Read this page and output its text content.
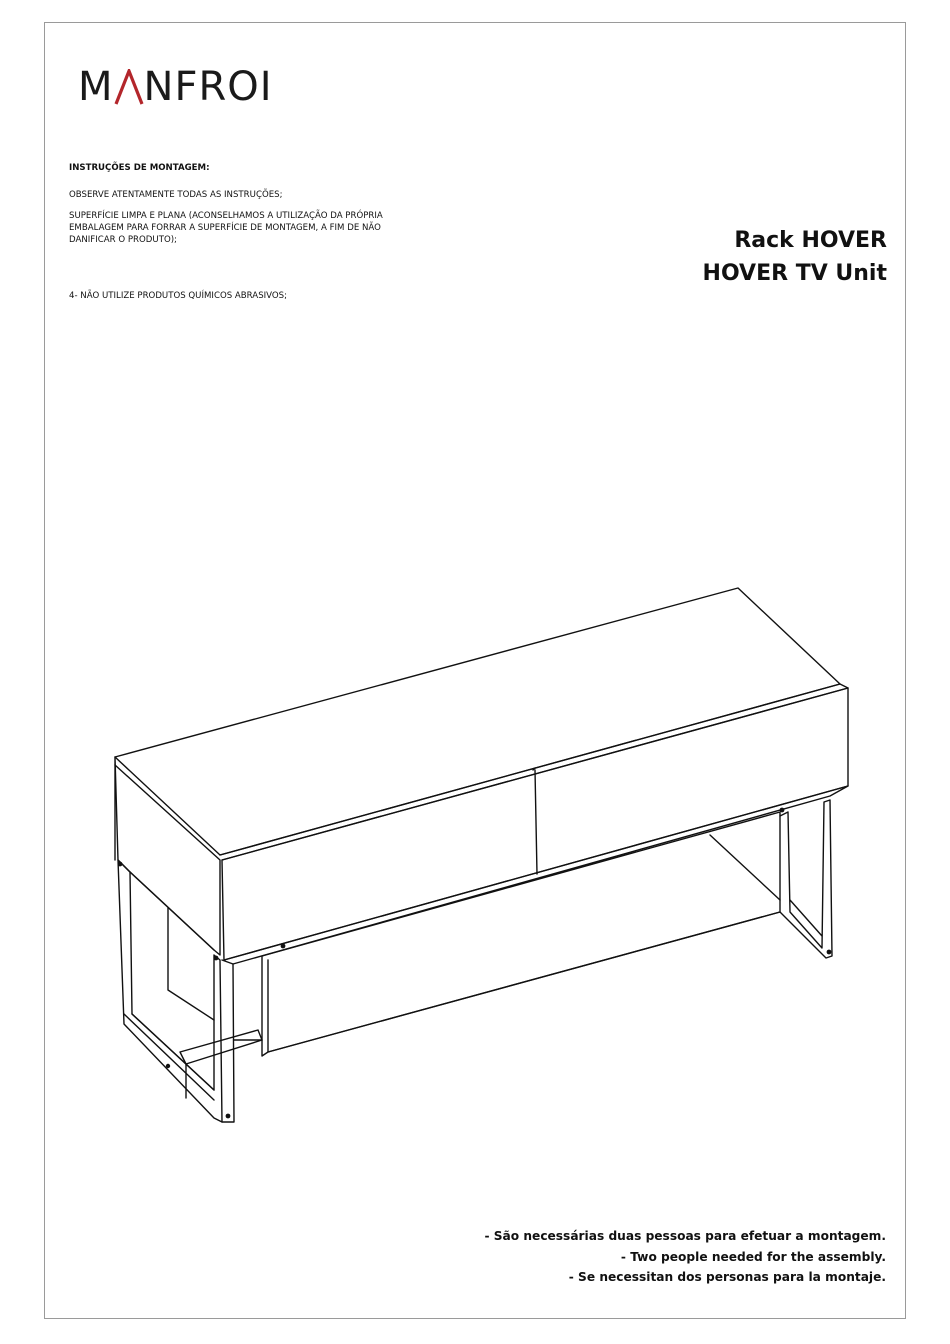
M NFROI

INSTRUÇÕES DE MONTAGEM:

OBSERVE ATENTAMENTE TODAS AS INSTRUÇÕES;

SUPERFÍCIE LIMPA E PLANA (ACONSELHAMOS A UTILIZAÇÃO DA PRÓPRIA EMBALAGEM PARA FORRAR A SUPERFÍCIE DE MONTAGEM, A FIM DE NÃO DANIFICAR O PRODUTO);

4- NÃO UTILIZE PRODUTOS QUÍMICOS ABRASIVOS;

Rack HOVER
HOVER TV Unit
- São necessárias duas pessoas para efetuar a montagem.
- Two people needed for the assembly.
- Se necessitan dos personas para la montaje.
